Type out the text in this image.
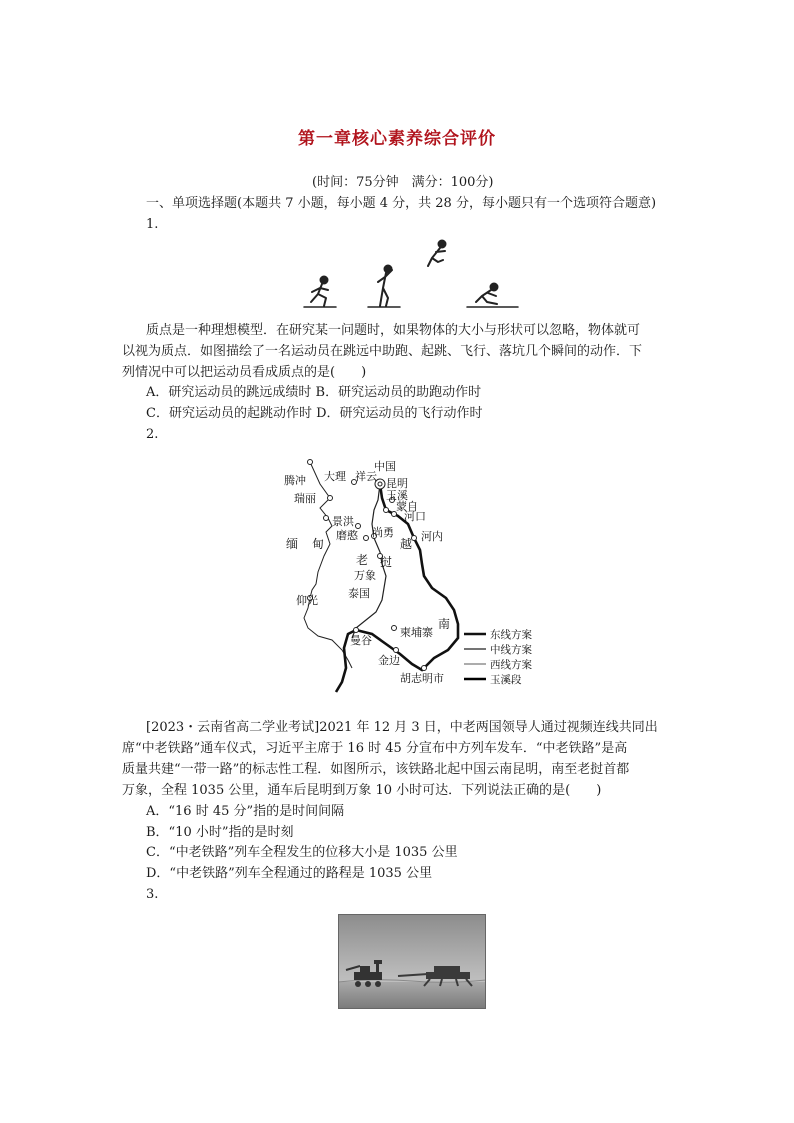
第一章核心素养综合评价
(时间：75分钟　满分：100分)
一、单项选择题(本题共 7 小题，每小题 4 分，共 28 分，每小题只有一个选项符合题意)
1.
质点是一种理想模型．在研究某一问题时，如果物体的大小与形状可以忽略，物体就可
以视为质点．如图描绘了一名运动员在跳远中助跑、起跳、飞行、落坑几个瞬间的动作．下
列情况中可以把运动员看成质点的是(　　)
A．研究运动员的跳远成绩时 B．研究运动员的助跑动作时
C．研究运动员的起跳动作时 D．研究运动员的飞行动作时
2.
腾冲 大理 祥云
中国
昆明
玉溪
蒙自
河口
瑞丽
景洪
磨憨 尚勇 河内
越
缅 甸
老 挝
万象
泰国
仰光
南
柬埔寨
曼谷
金边
胡志明市
东线方案
中线方案
西线方案
玉溪段
[2023・云南省高二学业考试]2021 年 12 月 3 日，中老两国领导人通过视频连线共同出
席“中老铁路”通车仪式，习近平主席于 16 时 45 分宣布中方列车发车．“中老铁路”是高
质量共建“一带一路”的标志性工程．如图所示，该铁路北起中国云南昆明，南至老挝首都
万象，全程 1035 公里，通车后昆明到万象 10 小时可达．下列说法正确的是(　　)
A．“16 时 45 分”指的是时间间隔
B．“10 小时”指的是时刻
C．“中老铁路”列车全程发生的位移大小是 1035 公里
D．“中老铁路”列车全程通过的路程是 1035 公里
3.
